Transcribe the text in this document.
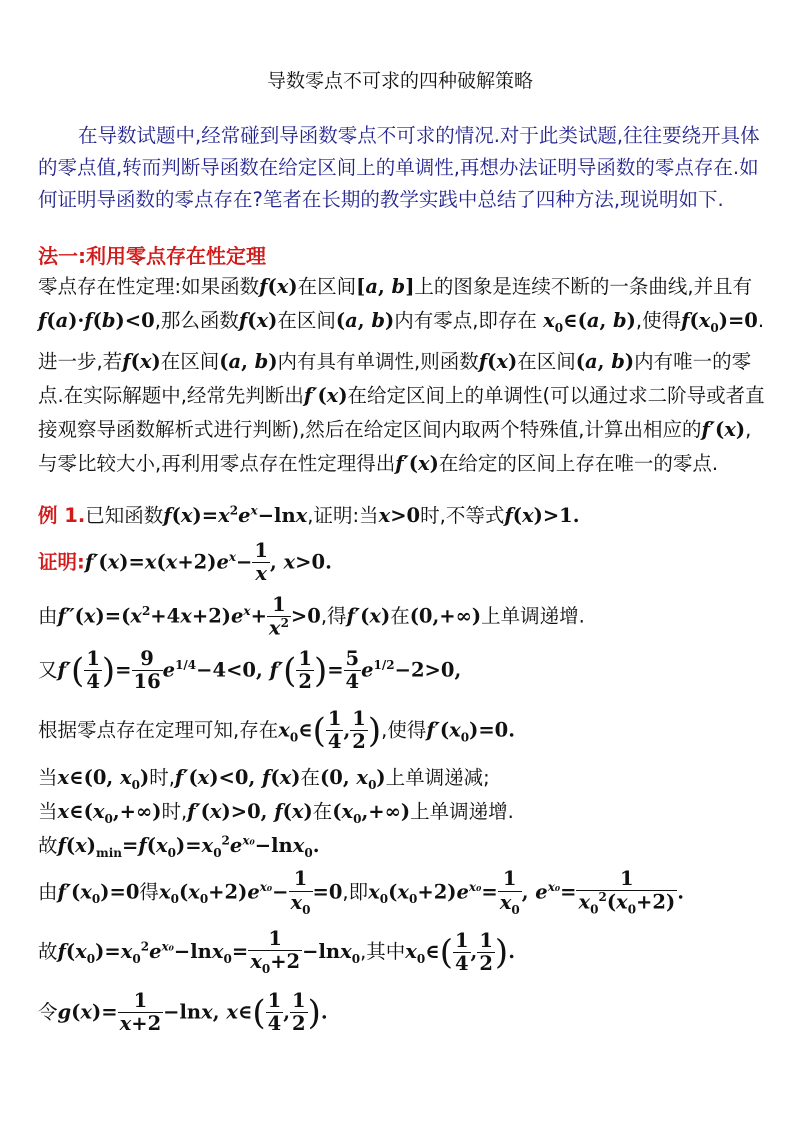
导数零点不可求的四种破解策略
在导数试题中,经常碰到导函数零点不可求的情况.对于此类试题,往往要绕开具体的零点值,转而判断导函数在给定区间上的单调性,再想办法证明导函数的零点存在.如何证明导函数的零点存在?笔者在长期的教学实践中总结了四种方法,现说明如下.
法一:利用零点存在性定理
零点存在性定理:如果函数f(x)在区间[a, b]上的图象是连续不断的一条曲线,并且有 f(a)·f(b)<0,那么函数f(x)在区间(a, b)内有零点,即存在 $x_0\in(a$, b),使得$f(x_0)=0$.进一步,若f(x)在区间(a, b)内有具有单调性,则函数f(x)在区间(a, b)内有唯一的零点.在实际解题中,经常先判断出f′(x)在给定区间上的单调性(可以通过求二阶导或者直接观察导函数解析式进行判断),然后在给定区间内取两个特殊值,计算出相应的f′(x),与零比较大小,再利用零点存在性定理得出f′(x)在给定的区间上存在唯一的零点.
例 1.已知函数$f(x)=x^2e^x-\ln x$,证明:当x>0时,不等式f(x)>1.
证明$:f'(x)=x(x+2)e^x- \frac{1}{x}$ , x>0.
由$f''(x)=(x^2+4x+2)e^x+ \frac{1}{x^2} >0$,得f′(x)在(0,+∞)上单调递增.
又$f'( \frac{1}{4}$ )= $\frac{9}{16} e^{1/4}-4<0$, $f'( \frac{1}{2}$ )= $\frac{5}{4} e^{1/2}-2>0$,
根据零点存在定理可知,存在$x_0\in( \frac{1}{4}$ , $\frac{1}{2}$ ),使得$f'(x_0)=0$.
当x∈(0, $x_0$)时,f′(x)<0, f(x)在(0, $x_0$)上单调递减;
当$x\in(x_0,+\infty)$时,f′(x)>0, f(x)在$(x_0,+\infty)$上单调递增.
故$f(x)_{min}=f(x_0)=x_0^2e^{x_0}-\ln x_0$.
由$f'(x_0)=0$得$x_0(x_0+2)e^{x_0}- \frac{1}{x_0} =0$,即$x_0(x_0+2)e^{x_0}= \frac{1}{x_0}$ , $e^{x_0}= \frac{1}{x_0^2(x_0+2)}$ .
故$f(x_0)=x_0^2e^{x_0}-\ln x_0= \frac{1}{x_0+2} -\ln x_0$,其中$x_0\in( \frac{1}{4}$ , $\frac{1}{2}$ ).
令$g(x)= \frac{1}{x+2} -\ln x$, x∈( $\frac{1}{4}$ , $\frac{1}{2}$ ).
